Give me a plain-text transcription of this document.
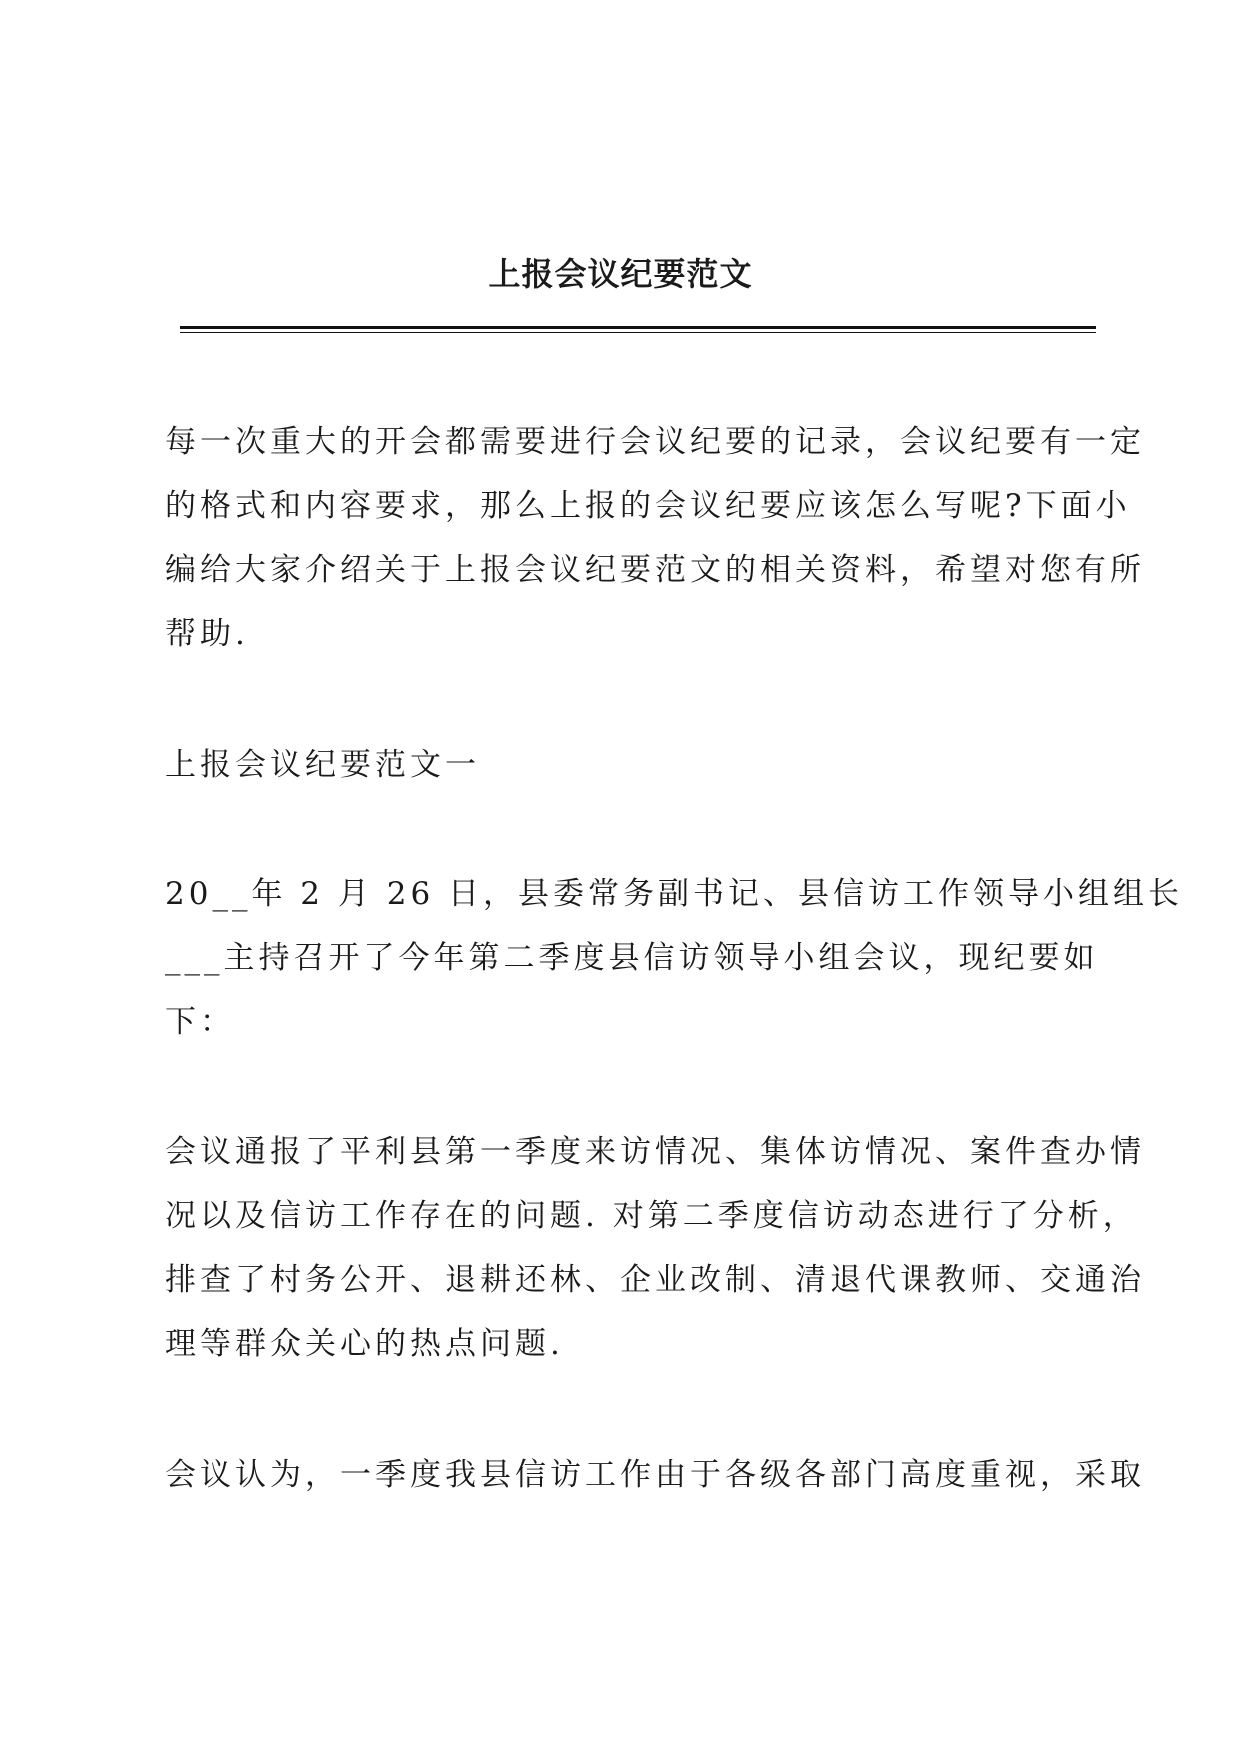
上报会议纪要范文
每一次重大的开会都需要进行会议纪要的记录，会议纪要有一定
的格式和内容要求，那么上报的会议纪要应该怎么写呢?下面小
编给大家介绍关于上报会议纪要范文的相关资料，希望对您有所
帮助.
上报会议纪要范文一
20__年 2 月 26 日，县委常务副书记、县信访工作领导小组组长
___主持召开了今年第二季度县信访领导小组会议，现纪要如
下：
会议通报了平利县第一季度来访情况、集体访情况、案件查办情
况以及信访工作存在的问题. 对第二季度信访动态进行了分析，
排查了村务公开、退耕还林、企业改制、清退代课教师、交通治
理等群众关心的热点问题.
会议认为，一季度我县信访工作由于各级各部门高度重视，采取
